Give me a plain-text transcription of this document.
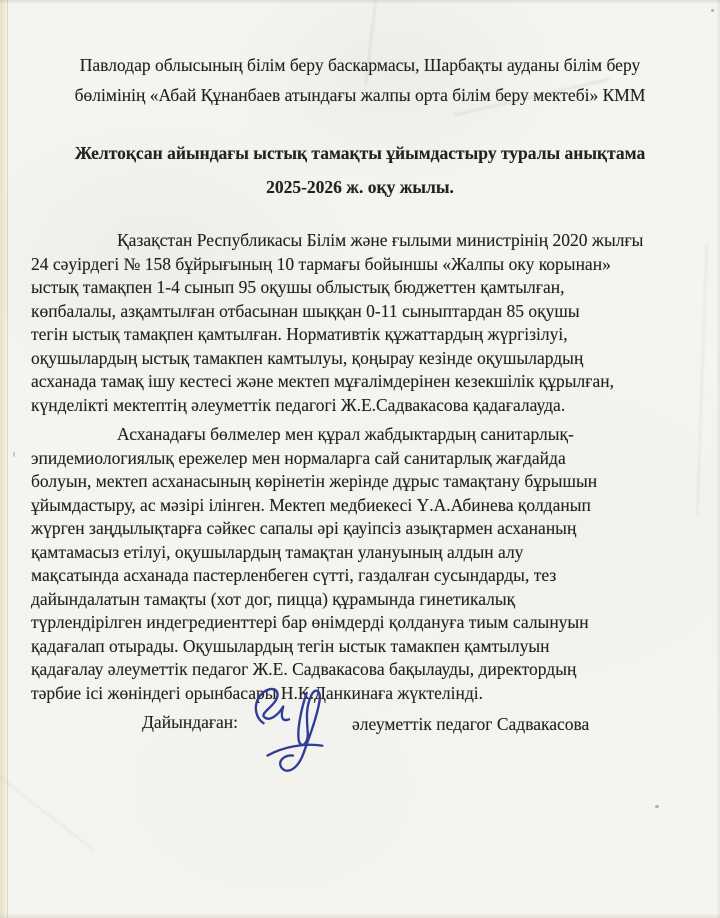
Павлодар облысының білім беру баскармасы, Шарбақты ауданы білім беру
бөлімінің «Абай Құнанбаев атындағы жалпы орта білім беру мектебі» КММ
Желтоқсан айындағы ыстық тамақты ұйымдастыру туралы анықтама
2025-2026 ж. оқу жылы.
Қазақстан Республикасы Білім және ғылыми министрінің 2020 жылғы
24 сәуірдегі № 158 бұйрығының 10 тармағы бойыншы «Жалпы оку корынан»
ыстық тамақпен 1-4 сынып 95 оқушы облыстық бюджеттен қамтылған,
көпбалалы, азқамтылған отбасынан шыққан 0-11 сыныптардан 85 оқушы
тегін ыстық тамақпен қамтылған. Нормативтік құжаттардың жүргізілуі,
оқушылардың ыстық тамакпен камтылуы, қоңырау кезінде оқушылардың
асханада тамақ ішу кестесі және мектеп мұғалімдерінен кезекшілік құрылған,
күнделікті мектептің әлеуметтік педагогі Ж.Е.Садвакасова қадағалауда.
Асханадағы бөлмелер мен құрал жабдыктардың санитарлық-
эпидемиологиялық ережелер мен нормаларга сай санитарлық жағдайда
болуын, мектеп асханасының көрінетін жерінде дұрыс тамақтану бұрышын
ұйымдастыру, ас мәзірі ілінген. Мектеп медбиекесі Ү.А.Абинева қолданып
жүрген заңдылықтарға сәйкес сапалы әрі қауіпсіз азықтармен асхананың
қамтамасыз етілуі, оқушылардың тамақтан улануының алдын алу
мақсатында асханада пастерленбеген сүтті, газдалған сусындарды, тез
дайындалатын тамақты (хот дог, пицца) құрамында гинетикалық
түрлендірілген индегредиенттері бар өнімдерді қолдануға тиым салынуын
қадағалап отырады. Оқушылардың тегін ыстык тамакпен қамтылуын
қадағалау әлеуметтік педагог Ж.Е. Садвакасова бақылауды, директордың
тәрбие ісі жөніндегі орынбасары Н.К.Данкинаға жүктелінді.
Дайындаған:	әлеуметтік педагог Садвакасова
